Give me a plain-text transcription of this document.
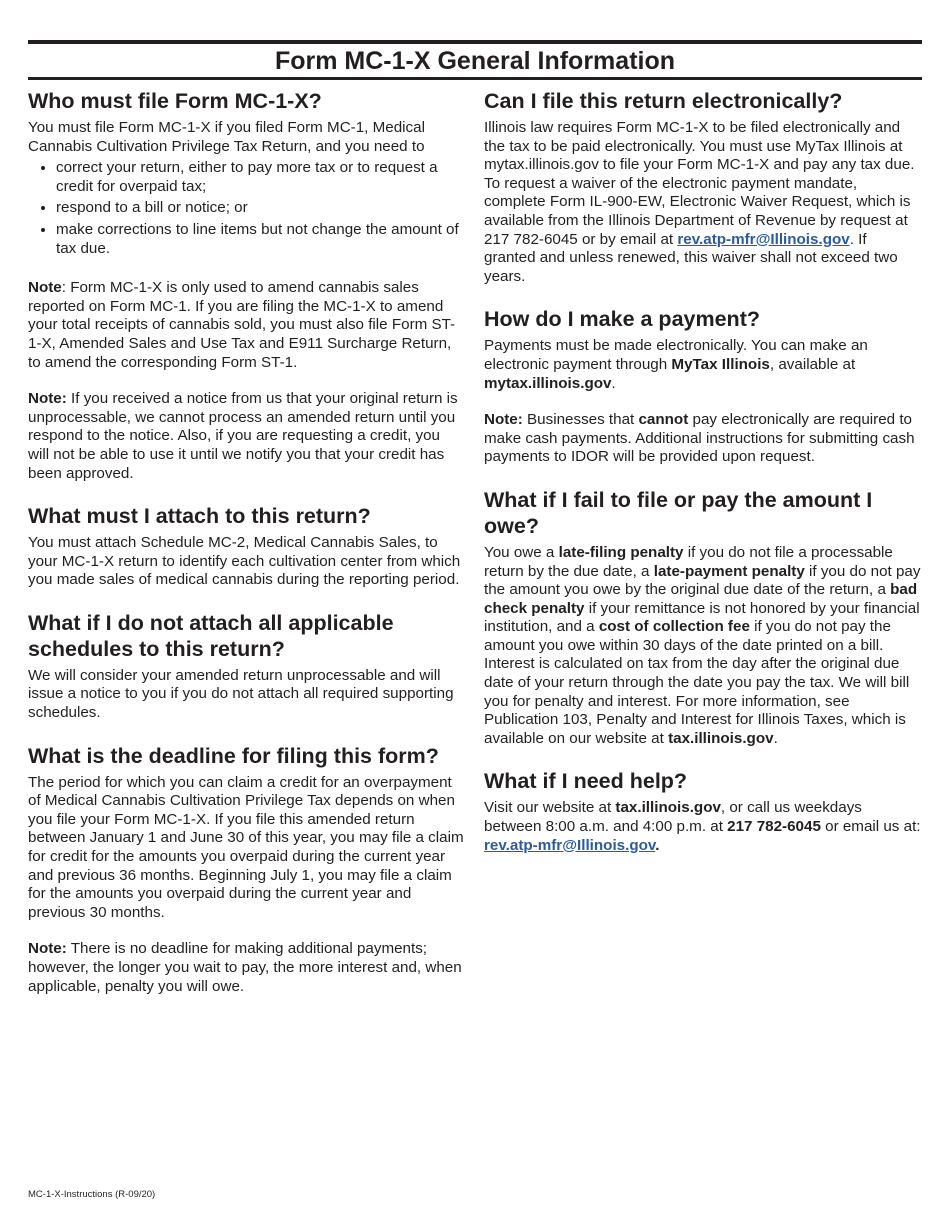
Form MC-1-X General Information
Who must file Form MC-1-X?

You must file Form MC-1-X if you filed Form MC-1, Medical Cannabis Cultivation Privilege Tax Return, and you need to

• correct your return, either to pay more tax or to request a credit for overpaid tax;
• respond to a bill or notice; or
• make corrections to line items but not change the amount of tax due.

Note: Form MC-1-X is only used to amend cannabis sales reported on Form MC-1. If you are filing the MC-1-X to amend your total receipts of cannabis sold, you must also file Form ST-1-X, Amended Sales and Use Tax and E911 Surcharge Return, to amend the corresponding Form ST-1.

Note: If you received a notice from us that your original return is unprocessable, we cannot process an amended return until you respond to the notice. Also, if you are requesting a credit, you will not be able to use it until we notify you that your credit has been approved.

What must I attach to this return?

You must attach Schedule MC-2, Medical Cannabis Sales, to your MC-1-X return to identify each cultivation center from which you made sales of medical cannabis during the reporting period.

What if I do not attach all applicable schedules to this return?

We will consider your amended return unprocessable and will issue a notice to you if you do not attach all required supporting schedules.

What is the deadline for filing this form?

The period for which you can claim a credit for an overpayment of Medical Cannabis Cultivation Privilege Tax depends on when you file your Form MC-1-X. If you file this amended return between January 1 and June 30 of this year, you may file a claim for credit for the amounts you overpaid during the current year and previous 36 months. Beginning July 1, you may file a claim for the amounts you overpaid during the current year and previous 30 months.

Note: There is no deadline for making additional payments; however, the longer you wait to pay, the more interest and, when applicable, penalty you will owe.

Can I file this return electronically?

Illinois law requires Form MC-1-X to be filed electronically and the tax to be paid electronically. You must use MyTax Illinois at mytax.illinois.gov to file your Form MC-1-X and pay any tax due. To request a waiver of the electronic payment mandate, complete Form IL-900-EW, Electronic Waiver Request, which is available from the Illinois Department of Revenue by request at 217 782-6045 or by email at rev.atp-mfr@Illinois.gov. If granted and unless renewed, this waiver shall not exceed two years.

How do I make a payment?

Payments must be made electronically. You can make an electronic payment through MyTax Illinois, available at mytax.illinois.gov.

Note: Businesses that cannot pay electronically are required to make cash payments. Additional instructions for submitting cash payments to IDOR will be provided upon request.

What if I fail to file or pay the amount I owe?

You owe a late-filing penalty if you do not file a processable return by the due date, a late-payment penalty if you do not pay the amount you owe by the original due date of the return, a bad check penalty if your remittance is not honored by your financial institution, and a cost of collection fee if you do not pay the amount you owe within 30 days of the date printed on a bill. Interest is calculated on tax from the day after the original due date of your return through the date you pay the tax. We will bill you for penalty and interest. For more information, see Publication 103, Penalty and Interest for Illinois Taxes, which is available on our website at tax.illinois.gov.

What if I need help?

Visit our website at tax.illinois.gov, or call us weekdays between 8:00 a.m. and 4:00 p.m. at 217 782-6045 or email us at: rev.atp-mfr@Illinois.gov.

MC-1-X-Instructions (R-09/20)
